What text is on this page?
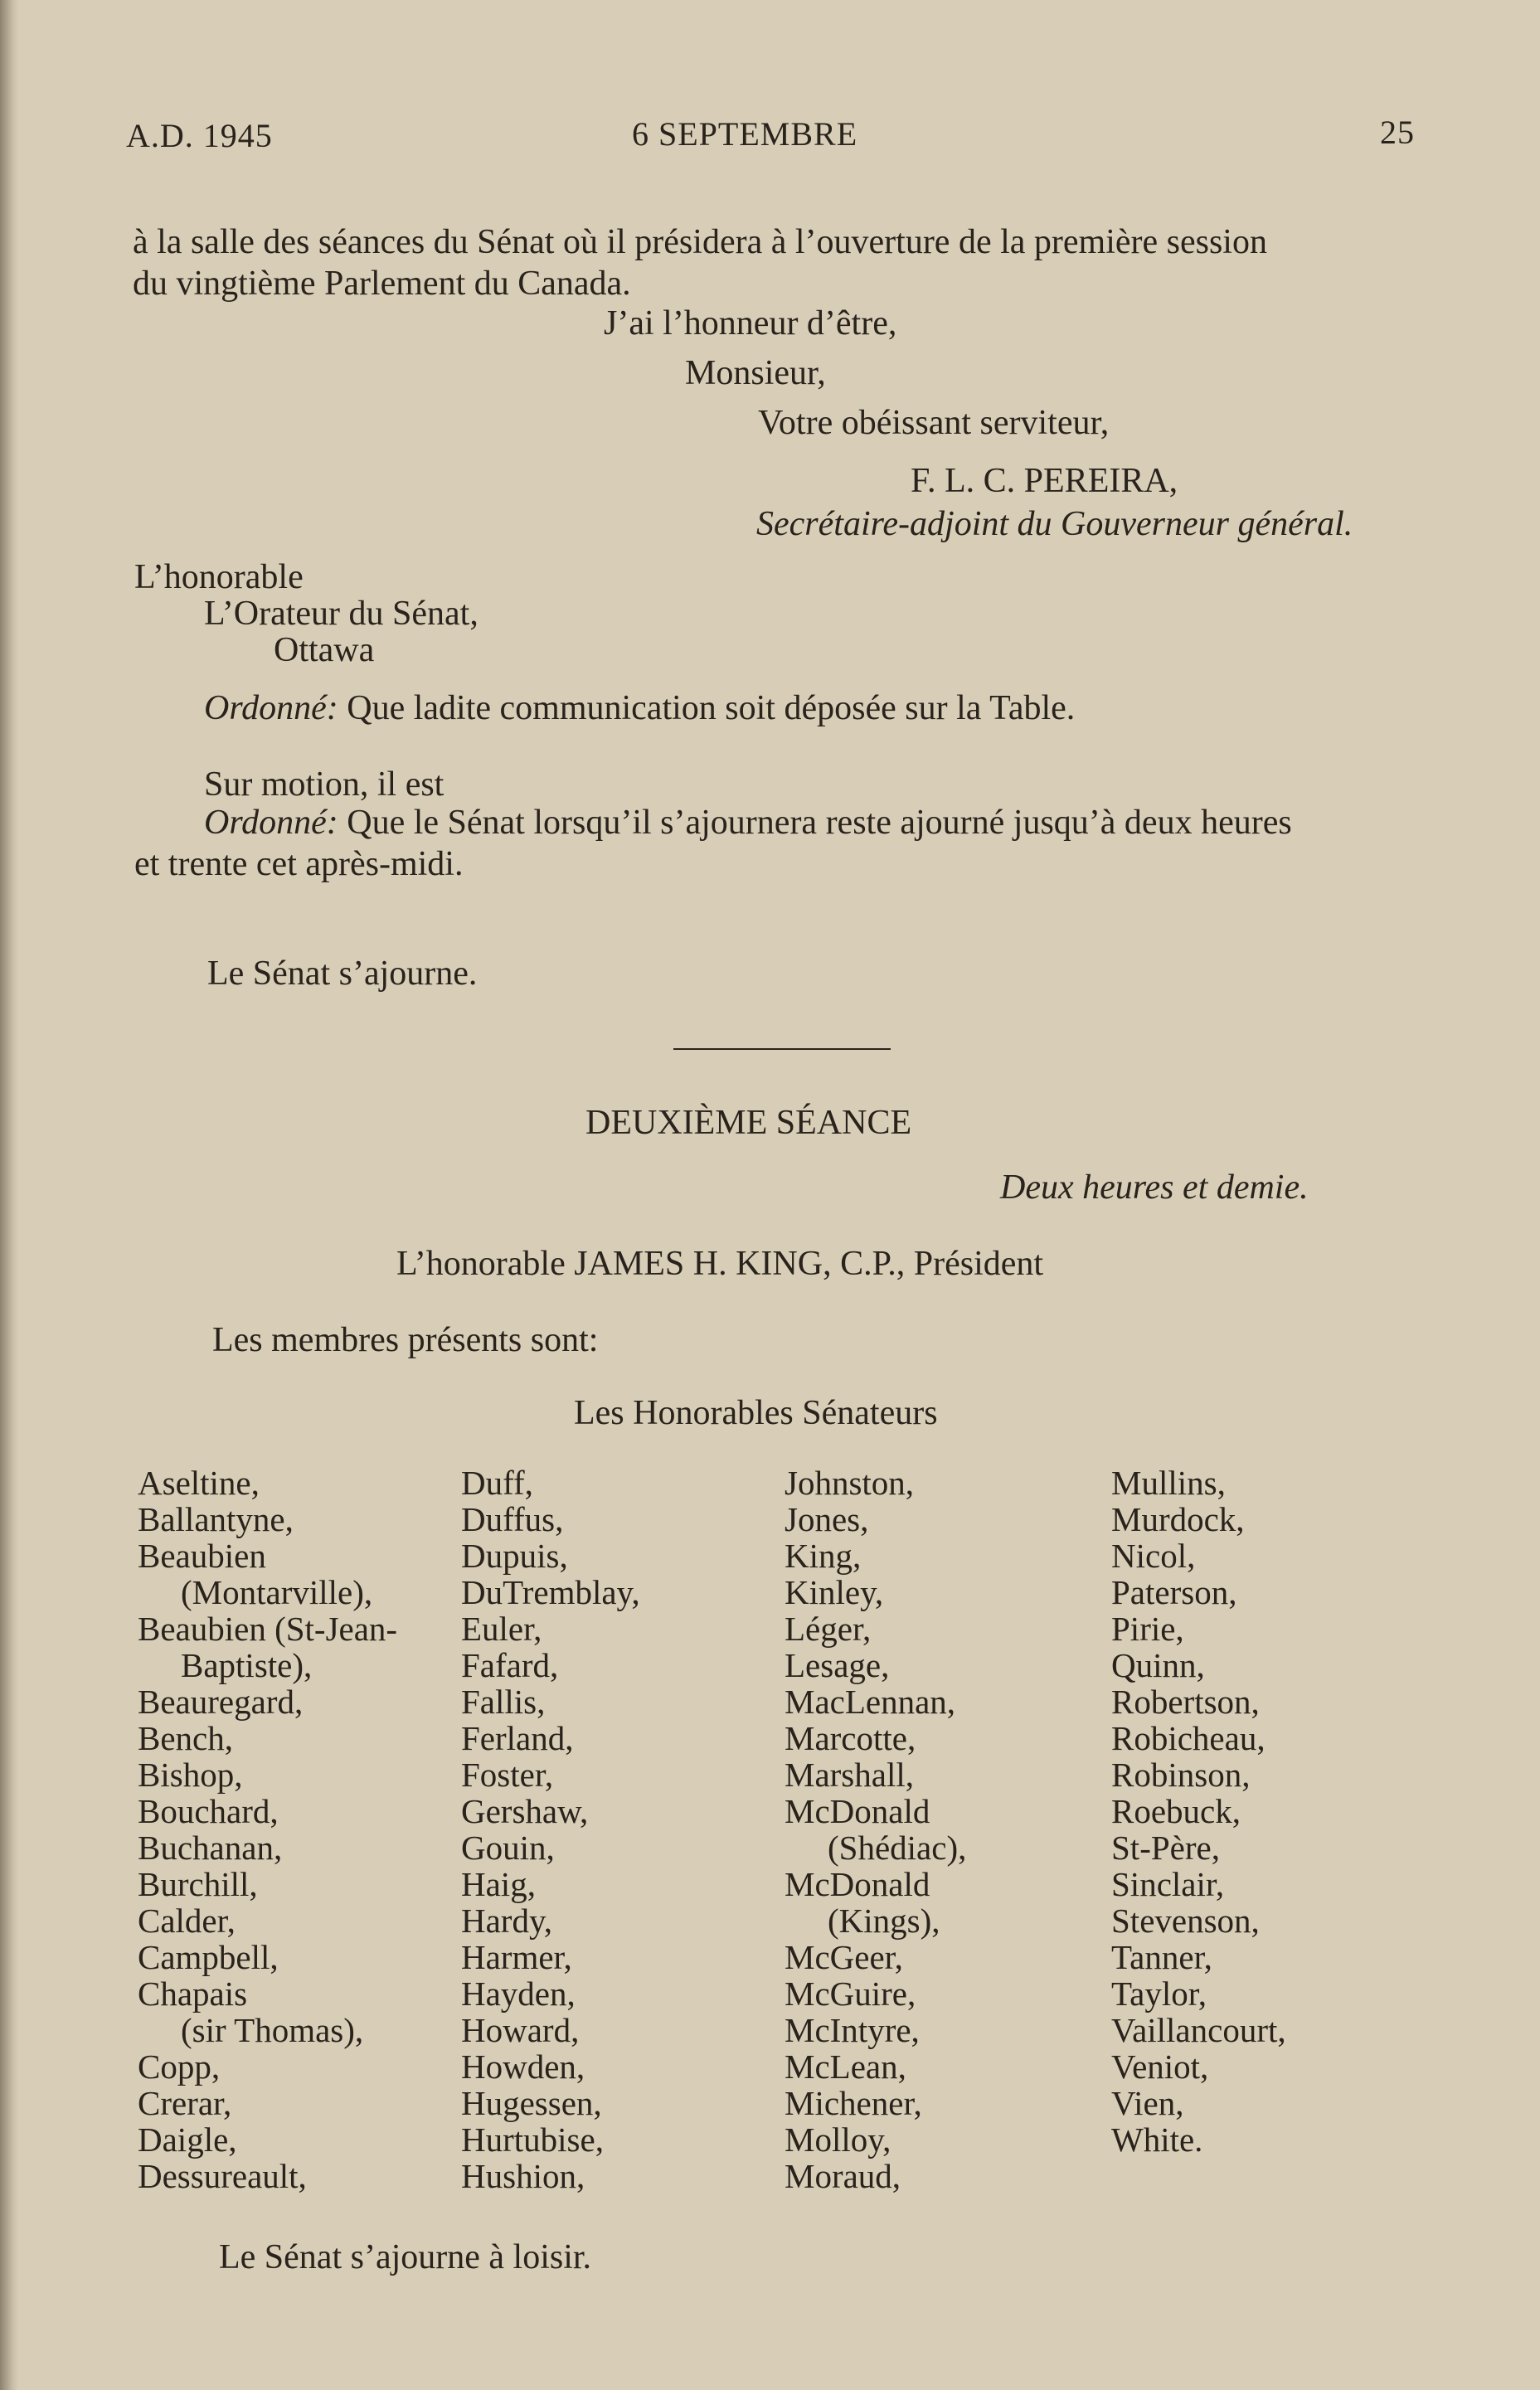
A.D. 1945	6 SEPTEMBRE	25
à la salle des séances du Sénat où il présidera à l’ouverture de la première session
du vingtième Parlement du Canada.
J’ai l’honneur d’être,
Monsieur,
Votre obéissant serviteur,
F. L. C. PEREIRA,
Secrétaire-adjoint du Gouverneur général.
L’honorable
L’Orateur du Sénat,
Ottawa
Ordonné: Que ladite communication soit déposée sur la Table.
Sur motion, il est
Ordonné: Que le Sénat lorsqu’il s’ajournera reste ajourné jusqu’à deux heures
et trente cet après-midi.
Le Sénat s’ajourne.
DEUXIÈME SÉANCE
Deux heures et demie.
L’honorable JAMES H. KING, C.P., Président
Les membres présents sont:
Les Honorables Sénateurs
Aseltine,
Ballantyne,
Beaubien
(Montarville),
Beaubien (St-Jean-
Baptiste),
Beauregard,
Bench,
Bishop,
Bouchard,
Buchanan,
Burchill,
Calder,
Campbell,
Chapais
(sir Thomas),
Copp,
Crerar,
Daigle,
Dessureault,
Duff,
Duffus,
Dupuis,
DuTremblay,
Euler,
Fafard,
Fallis,
Ferland,
Foster,
Gershaw,
Gouin,
Haig,
Hardy,
Harmer,
Hayden,
Howard,
Howden,
Hugessen,
Hurtubise,
Hushion,
Johnston,
Jones,
King,
Kinley,
Léger,
Lesage,
MacLennan,
Marcotte,
Marshall,
McDonald
(Shédiac),
McDonald
(Kings),
McGeer,
McGuire,
McIntyre,
McLean,
Michener,
Molloy,
Moraud,
Mullins,
Murdock,
Nicol,
Paterson,
Pirie,
Quinn,
Robertson,
Robicheau,
Robinson,
Roebuck,
St-Père,
Sinclair,
Stevenson,
Tanner,
Taylor,
Vaillancourt,
Veniot,
Vien,
White.
Le Sénat s’ajourne à loisir.
